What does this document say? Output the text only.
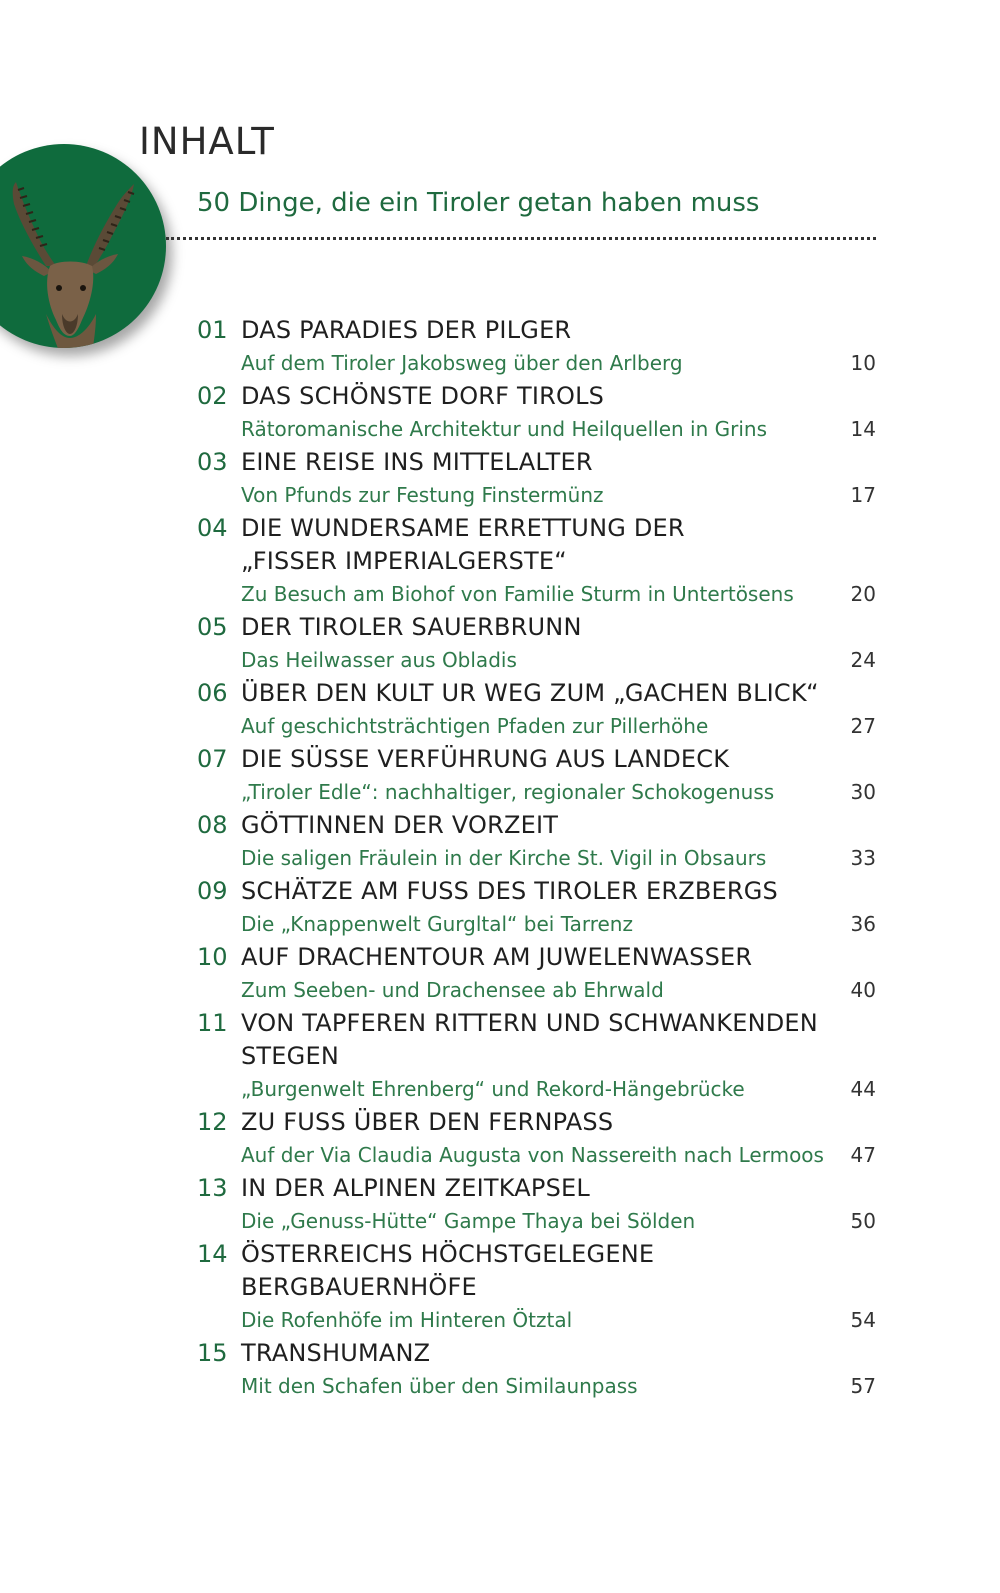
INHALT
50 Dinge, die ein Tiroler getan haben muss
01 DAS PARADIES DER PILGER
Auf dem Tiroler Jakobsweg über den Arlberg	10
02 DAS SCHÖNSTE DORF TIROLS
Rätoromanische Architektur und Heilquellen in Grins	14
03 EINE REISE INS MITTELALTER
Von Pfunds zur Festung Finstermünz	17
04 DIE WUNDERSAME ERRETTUNG DER
„FISSER IMPERIALGERSTE“
Zu Besuch am Biohof von Familie Sturm in Untertösens	20
05 DER TIROLER SAUERBRUNN
Das Heilwasser aus Obladis	24
06 ÜBER DEN KULT UR WEG ZUM „GACHEN BLICK“
Auf geschichtsträchtigen Pfaden zur Pillerhöhe	27
07 DIE SÜSSE VERFÜHRUNG AUS LANDECK
„Tiroler Edle“: nachhaltiger, regionaler Schokogenuss	30
08 GÖTTINNEN DER VORZEIT
Die saligen Fräulein in der Kirche St. Vigil in Obsaurs	33
09 SCHÄTZE AM FUSS DES TIROLER ERZBERGS
Die „Knappenwelt Gurgltal“ bei Tarrenz	36
10 AUF DRACHENTOUR AM JUWELENWASSER
Zum Seeben- und Drachensee ab Ehrwald	40
11 VON TAPFEREN RITTERN UND SCHWANKENDEN
STEGEN
„Burgenwelt Ehrenberg“ und Rekord-Hängebrücke	44
12 ZU FUSS ÜBER DEN FERNPASS
Auf der Via Claudia Augusta von Nassereith nach Lermoos	47
13 IN DER ALPINEN ZEITKAPSEL
Die „Genuss-Hütte“ Gampe Thaya bei Sölden	50
14 ÖSTERREICHS HÖCHSTGELEGENE
BERGBAUERNHÖFE
Die Rofenhöfe im Hinteren Ötztal	54
15 TRANSHUMANZ
Mit den Schafen über den Similaunpass	57
